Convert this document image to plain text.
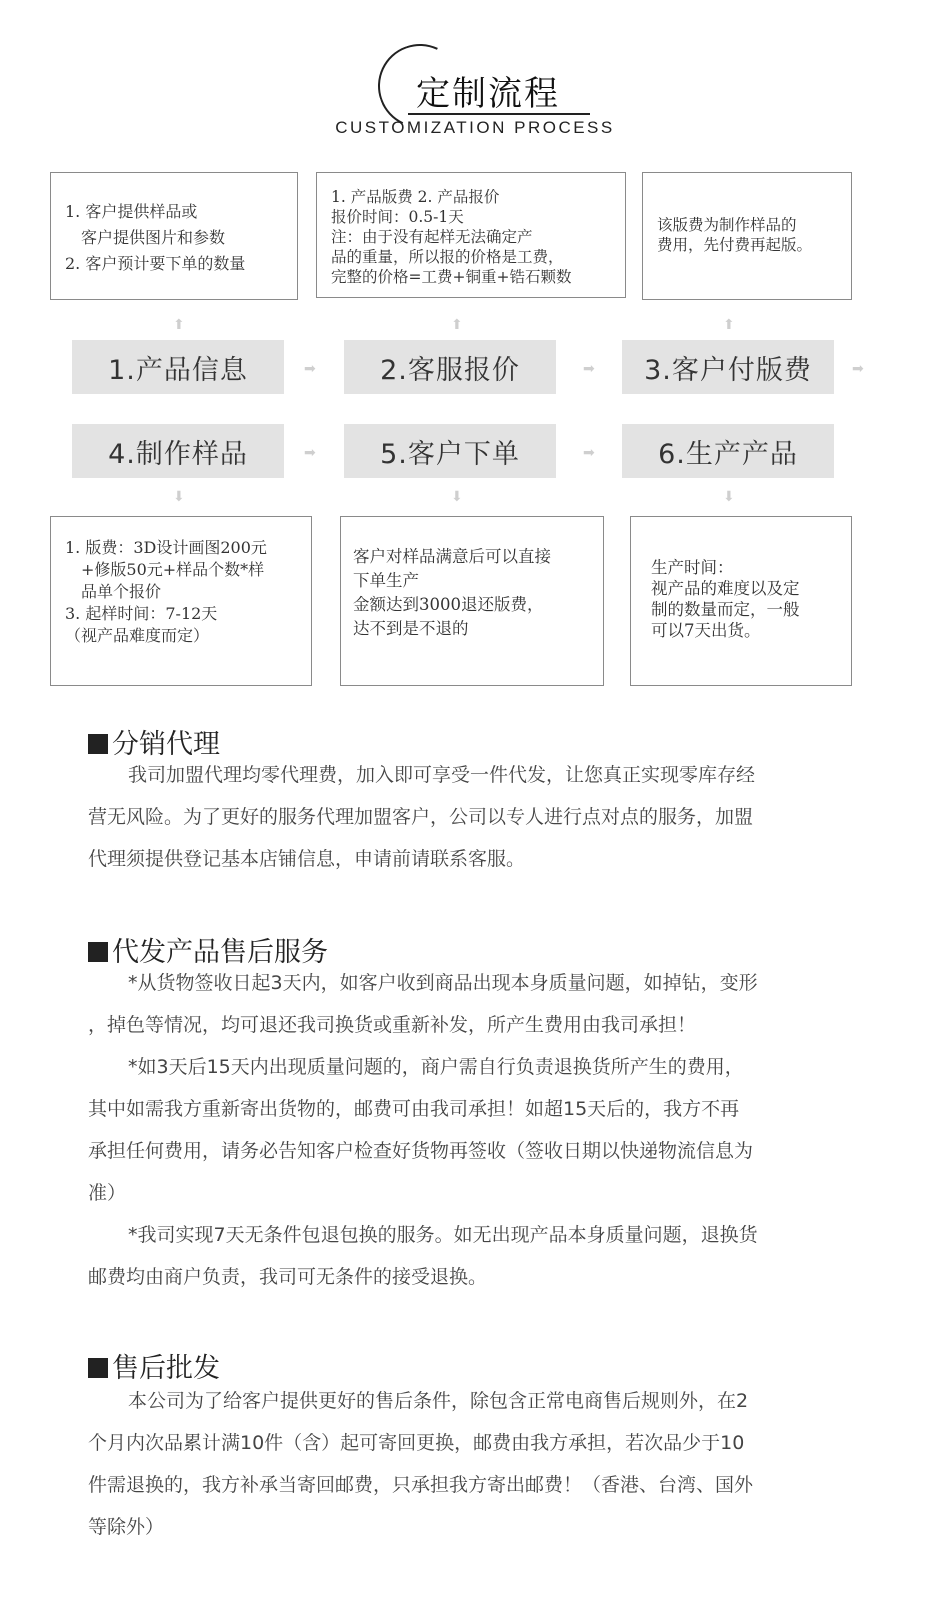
定制流程
CUSTOMIZATION PROCESS
1. 客户提供样品或
　客户提供图片和参数
2. 客户预计要下单的数量
1. 产品版费 2. 产品报价
报价时间：0.5-1天
注：由于没有起样无法确定产
品的重量，所以报的价格是工费，
完整的价格=工费+铜重+锆石颗数
该版费为制作样品的
费用，先付费再起版。
⬆	⬆	⬆
1.产品信息	2.客服报价	3.客户付版费
➡	➡	➡
4.制作样品	5.客户下单	6.生产产品
➡	➡
⬇	⬇	⬇
1. 版费：3D设计画图200元
　+修版50元+样品个数*样
　品单个报价
3. 起样时间：7-12天
（视产品难度而定）
客户对样品满意后可以直接
下单生产
金额达到3000退还版费，
达不到是不退的
生产时间：
视产品的难度以及定
制的数量而定，一般
可以7天出货。
分销代理
我司加盟代理均零代理费，加入即可享受一件代发，让您真正实现零库存经
营无风险。为了更好的服务代理加盟客户，公司以专人进行点对点的服务，加盟
代理须提供登记基本店铺信息，申请前请联系客服。
代发产品售后服务
*从货物签收日起3天内，如客户收到商品出现本身质量问题，如掉钻，变形
，掉色等情况，均可退还我司换货或重新补发，所产生费用由我司承担！
*如3天后15天内出现质量问题的，商户需自行负责退换货所产生的费用，
其中如需我方重新寄出货物的，邮费可由我司承担！如超15天后的，我方不再
承担任何费用，请务必告知客户检查好货物再签收（签收日期以快递物流信息为
准）
*我司实现7天无条件包退包换的服务。如无出现产品本身质量问题，退换货
邮费均由商户负责，我司可无条件的接受退换。
售后批发
本公司为了给客户提供更好的售后条件，除包含正常电商售后规则外，在2
个月内次品累计满10件（含）起可寄回更换，邮费由我方承担，若次品少于10
件需退换的，我方补承当寄回邮费，只承担我方寄出邮费！（香港、台湾、国外
等除外）
